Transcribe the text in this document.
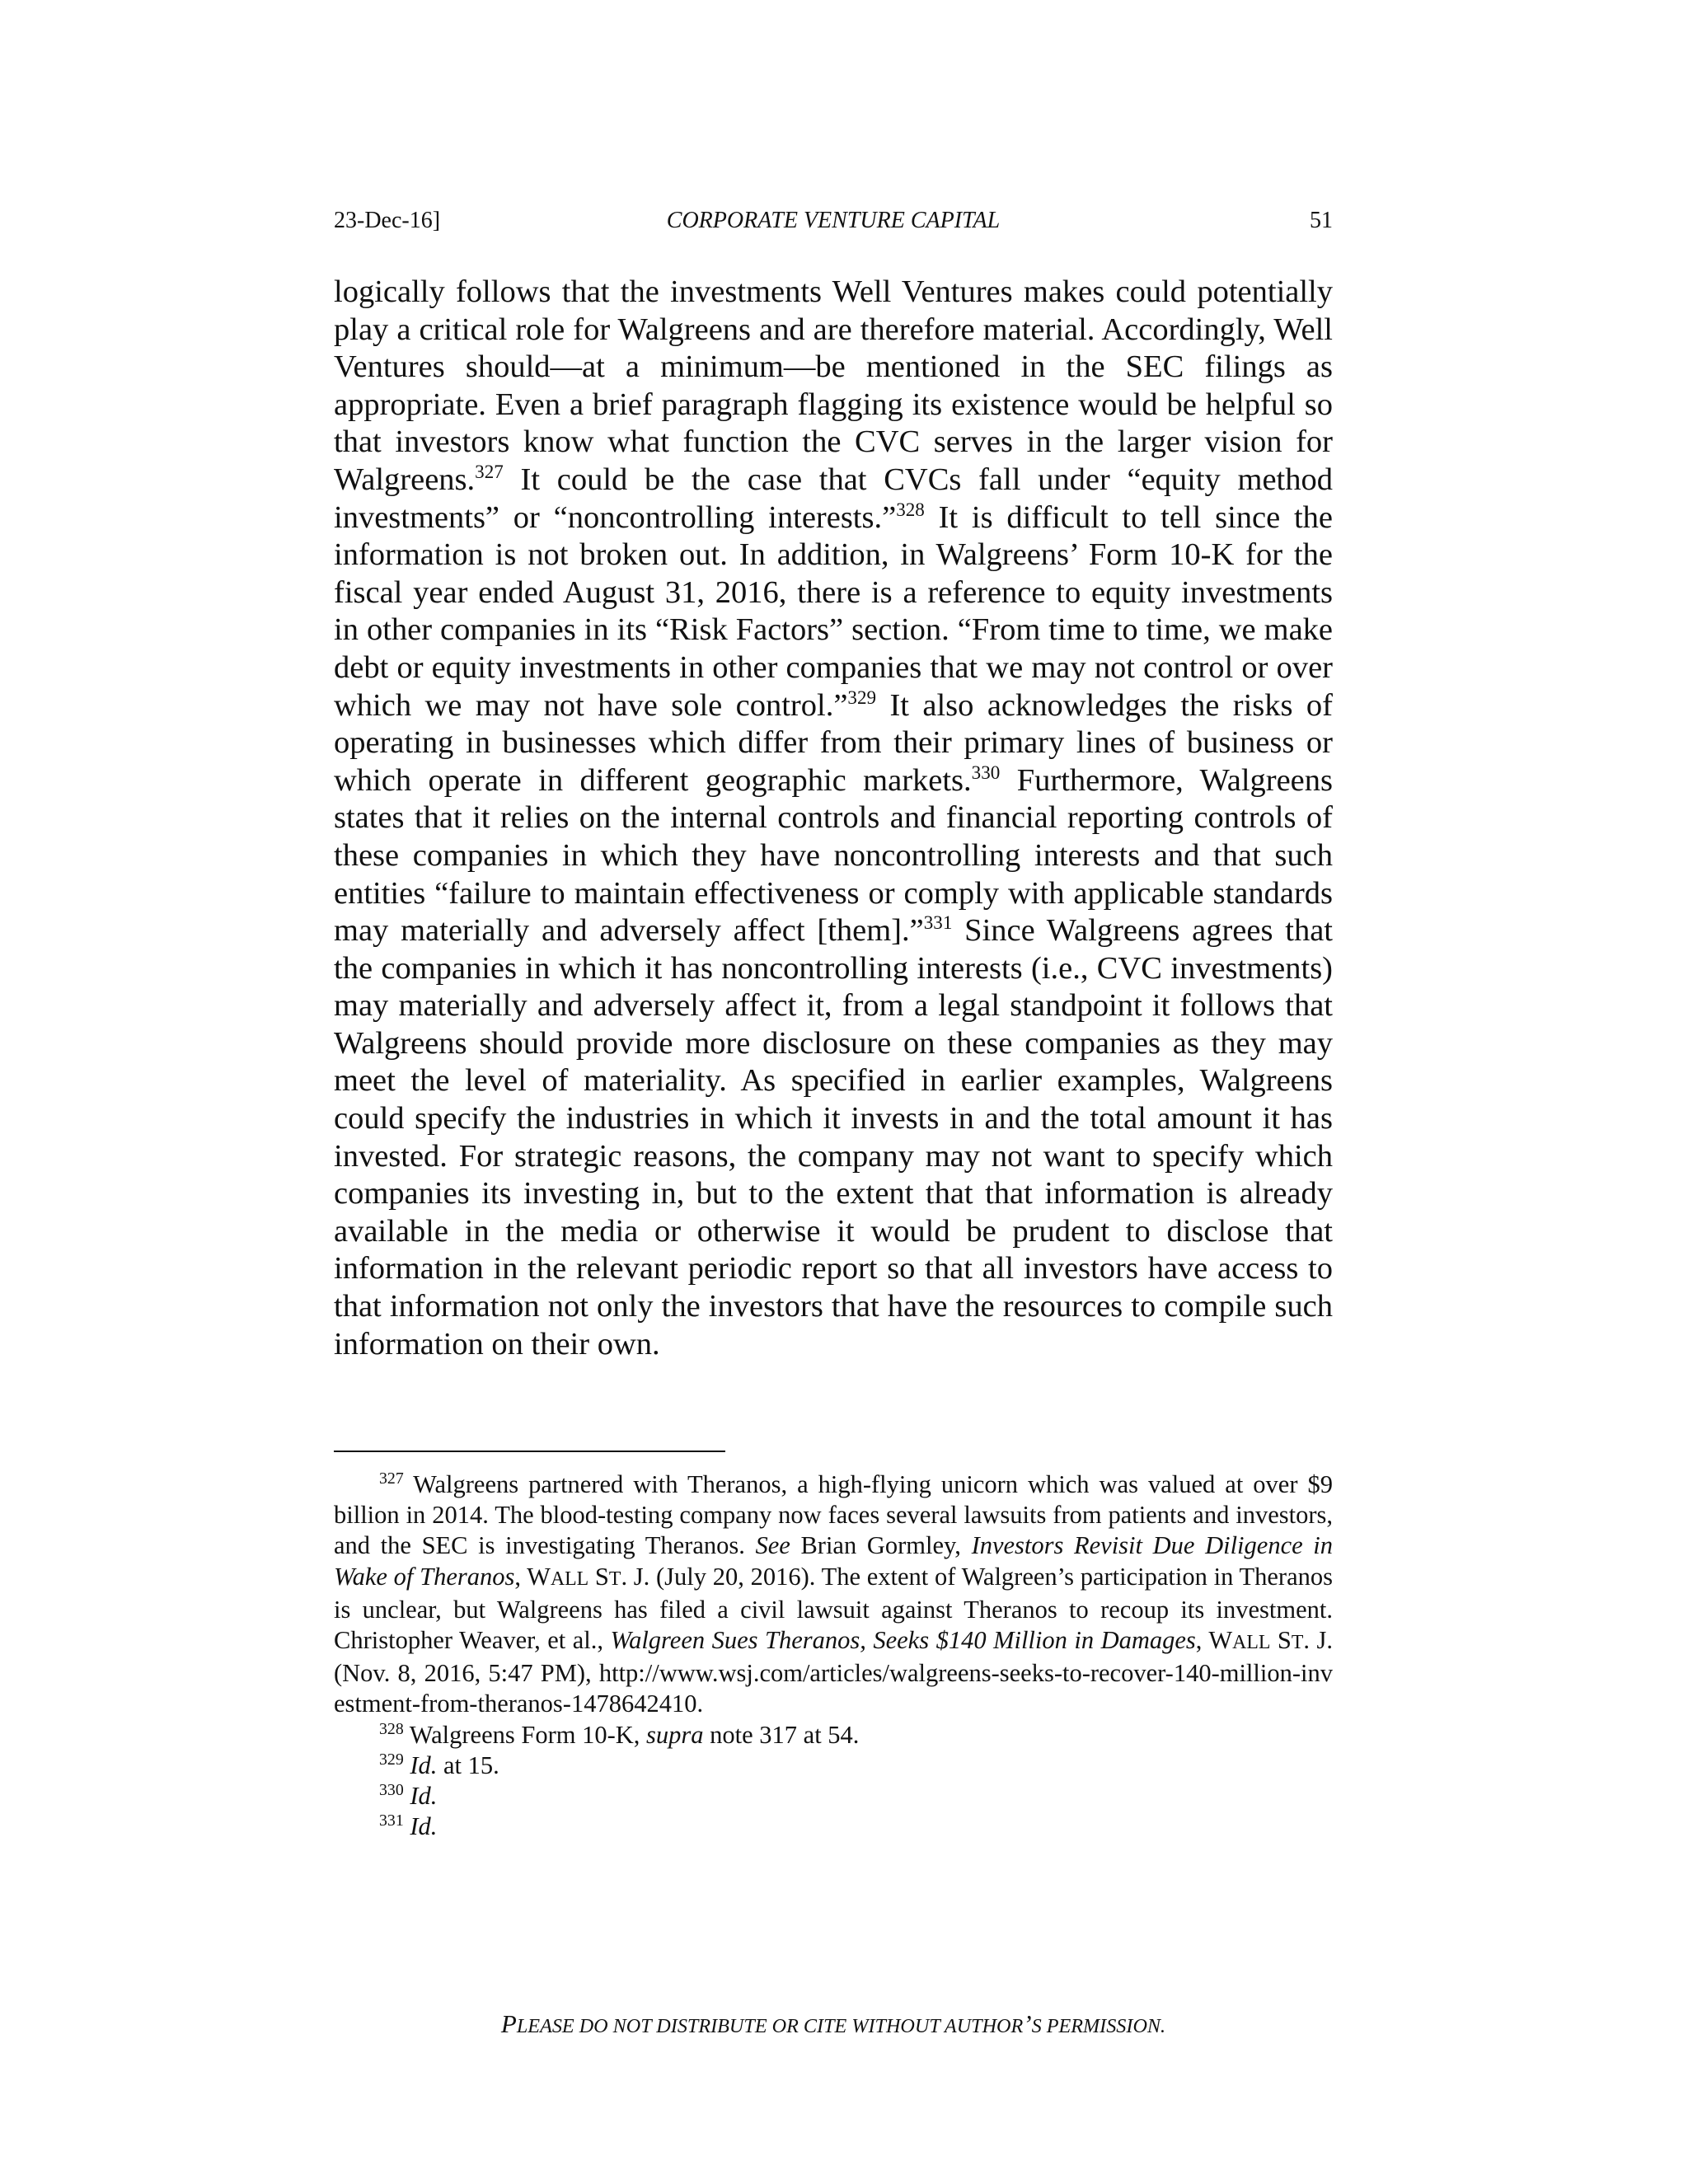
23-Dec-16]	CORPORATE VENTURE CAPITAL	51

logically follows that the investments Well Ventures makes could potentially play a critical role for Walgreens and are therefore material. Accordingly, Well Ventures should—at a minimum—be mentioned in the SEC filings as appropriate. Even a brief paragraph flagging its existence would be helpful so that investors know what function the CVC serves in the larger vision for Walgreens.$^{327}$ It could be the case that CVCs fall under “equity method investments” or “noncontrolling interests.”$^{328}$ It is difficult to tell since the information is not broken out. In addition, in Walgreens’ Form 10-K for the fiscal year ended August 31, 2016, there is a reference to equity investments in other companies in its “Risk Factors” section. “From time to time, we make debt or equity investments in other companies that we may not control or over which we may not have sole control.”$^{329}$ It also acknowledges the risks of operating in businesses which differ from their primary lines of business or which operate in different geographic markets.$^{330}$ Furthermore, Walgreens states that it relies on the internal controls and financial reporting controls of these companies in which they have noncontrolling interests and that such entities “failure to maintain effectiveness or comply with applicable standards may materially and adversely affect [them].”$^{331}$ Since Walgreens agrees that the companies in which it has noncontrolling interests (i.e., CVC investments) may materially and adversely affect it, from a legal standpoint it follows that Walgreens should provide more disclosure on these companies as they may meet the level of materiality. As specified in earlier examples, Walgreens could specify the industries in which it invests in and the total amount it has invested. For strategic reasons, the company may not want to specify which companies its investing in, but to the extent that that information is already available in the media or otherwise it would be prudent to disclose that information in the relevant periodic report so that all investors have access to that information not only the investors that have the resources to compile such information on their own.

$^{327}$ Walgreens partnered with Theranos, a high-flying unicorn which was valued at over $9 billion in 2014. The blood-testing company now faces several lawsuits from patients and investors, and the SEC is investigating Theranos. See Brian Gormley, Investors Revisit Due Diligence in Wake of Theranos, WALL ST. J. (July 20, 2016). The extent of Walgreen’s participation in Theranos is unclear, but Walgreens has filed a civil lawsuit against Theranos to recoup its investment. Christopher Weaver, et al., Walgreen Sues Theranos, Seeks $140 Million in Damages, WALL ST. J. (Nov. 8, 2016, 5:47 PM), http://www.wsj.com/articles/walgreens-seeks-to-recover-140-million-investment-from-theranos-1478642410.

$^{328}$ Walgreens Form 10-K, supra note 317 at 54.

$^{329}$ Id. at 15.

$^{330}$ Id.

$^{331}$ Id.

PLEASE DO NOT DISTRIBUTE OR CITE WITHOUT AUTHOR’S PERMISSION.
